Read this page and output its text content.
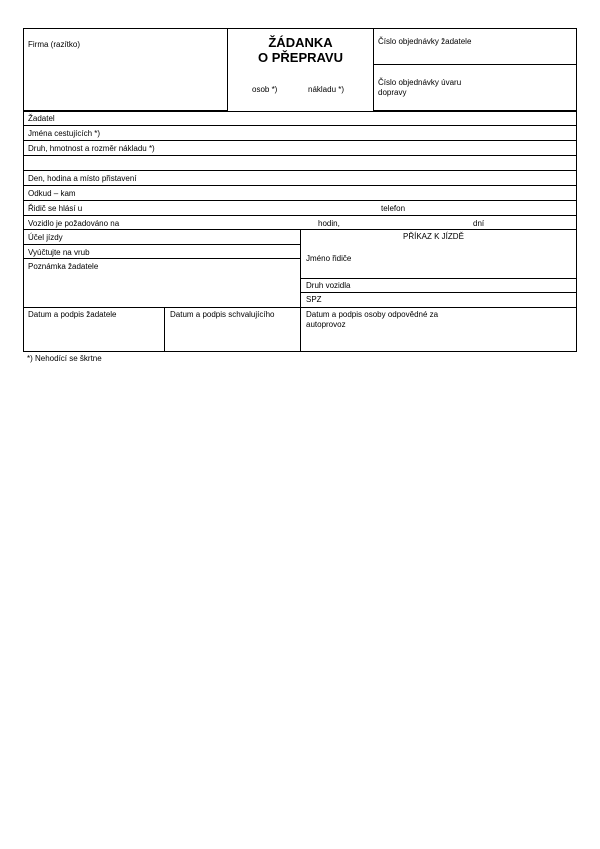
Firma (razítko)	ŽÁDANKA
O PŘEPRAVU
osob *)	nákladu *)
Číslo objednávky žadatele
Číslo objednávky úvaru dopravy
Žadatel
Jména cestujících *)
Druh, hmotnost a rozměr nákladu *)
Den, hodina a místo přistavení
Odkud – kam
Řidič se hlásí u	telefon
Vozidlo je požadováno na	hodin,	dní
Účel jízdy
Vyúčtujte na vrub
Poznámka žadatele
PŘÍKAZ K JÍZDĚ
Jméno řidiče
Druh vozidla
SPZ
Datum a podpis žadatele	Datum a podpis schvalujícího	Datum a podpis osoby odpovědné za autoprovoz
*) Nehodící se škrtne
